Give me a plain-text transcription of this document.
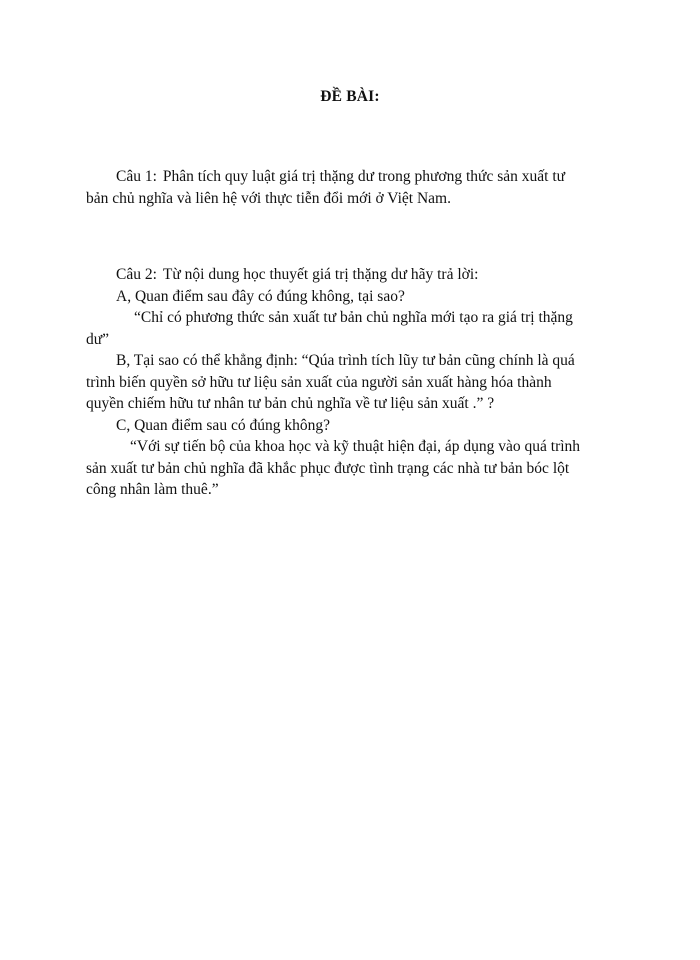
ĐỀ BÀI:
Câu 1: Phân tích quy luật giá trị thặng dư trong phương thức sản xuất tư
bản chủ nghĩa và liên hệ với thực tiễn đổi mới ở Việt Nam.
Câu 2: Từ nội dung học thuyết giá trị thặng dư hãy trả lời:
A, Quan điểm sau đây có đúng không, tại sao?
“Chỉ có phương thức sản xuất tư bản chủ nghĩa mới tạo ra giá trị thặng
dư”
B, Tại sao có thể khẳng định: “Qúa trình tích lũy tư bản cũng chính là quá
trình biến quyền sở hữu tư liệu sản xuất của người sản xuất hàng hóa thành
quyền chiếm hữu tư nhân tư bản chủ nghĩa về tư liệu sản xuất .” ?
C, Quan điểm sau có đúng không?
“Với sự tiến bộ của khoa học và kỹ thuật hiện đại, áp dụng vào quá trình
sản xuất tư bản chủ nghĩa đã khắc phục được tình trạng các nhà tư bản bóc lột
công nhân làm thuê.”
